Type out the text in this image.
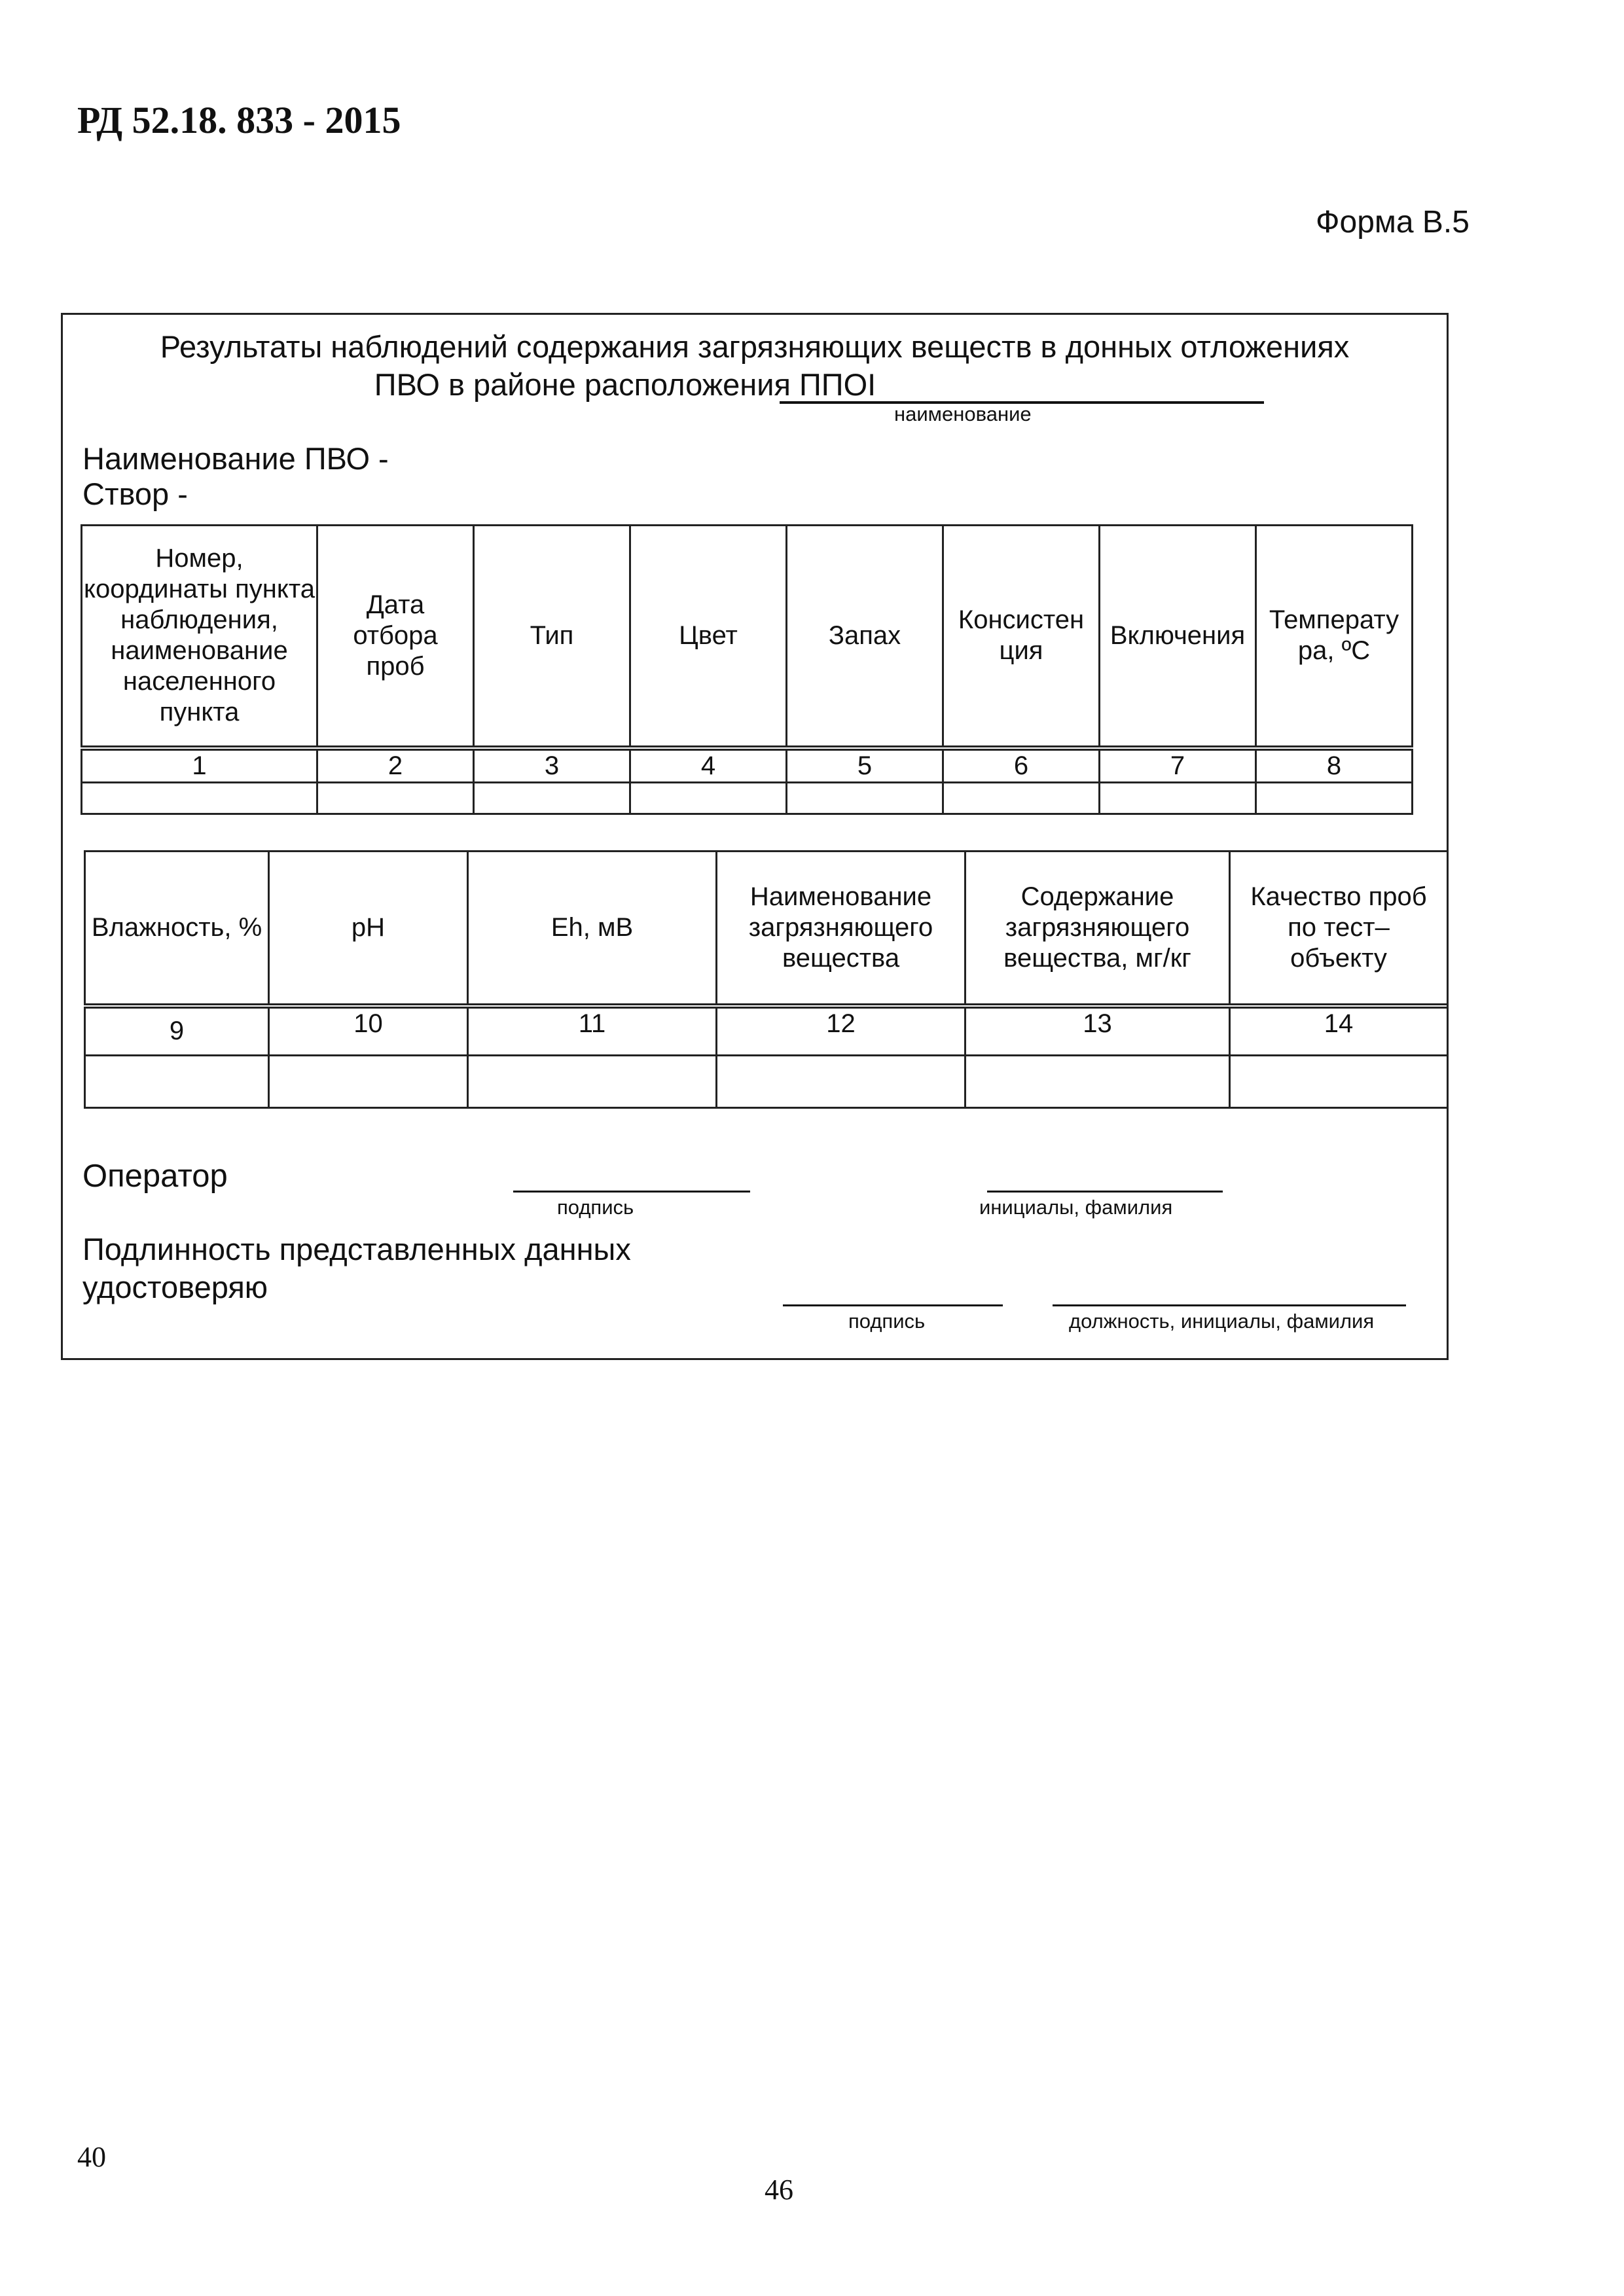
РД 52.18. 833 - 2015
Форма В.5
Результаты наблюдений содержания загрязняющих веществ в донных отложениях
ПВО в районе расположения ППОI
наименование
Наименование ПВО -
Створ -
Номер, координаты пункта наблюдения, наименование населенного пункта	Дата отбора проб	Тип	Цвет	Запах	Консистен ция	Включения	Температу ра, ºС
1	2	3	4	5	6	7	8

Влажность, %	pH	Eh, мВ	Наименование загрязняющего вещества	Содержание загрязняющего вещества, мг/кг	Качество проб по тест–объекту
9	10	11	12	13	14

Оператор
подпись	инициалы, фамилия
Подлинность представленных данных
удостоверяю
подпись	должность, инициалы, фамилия
40
46
